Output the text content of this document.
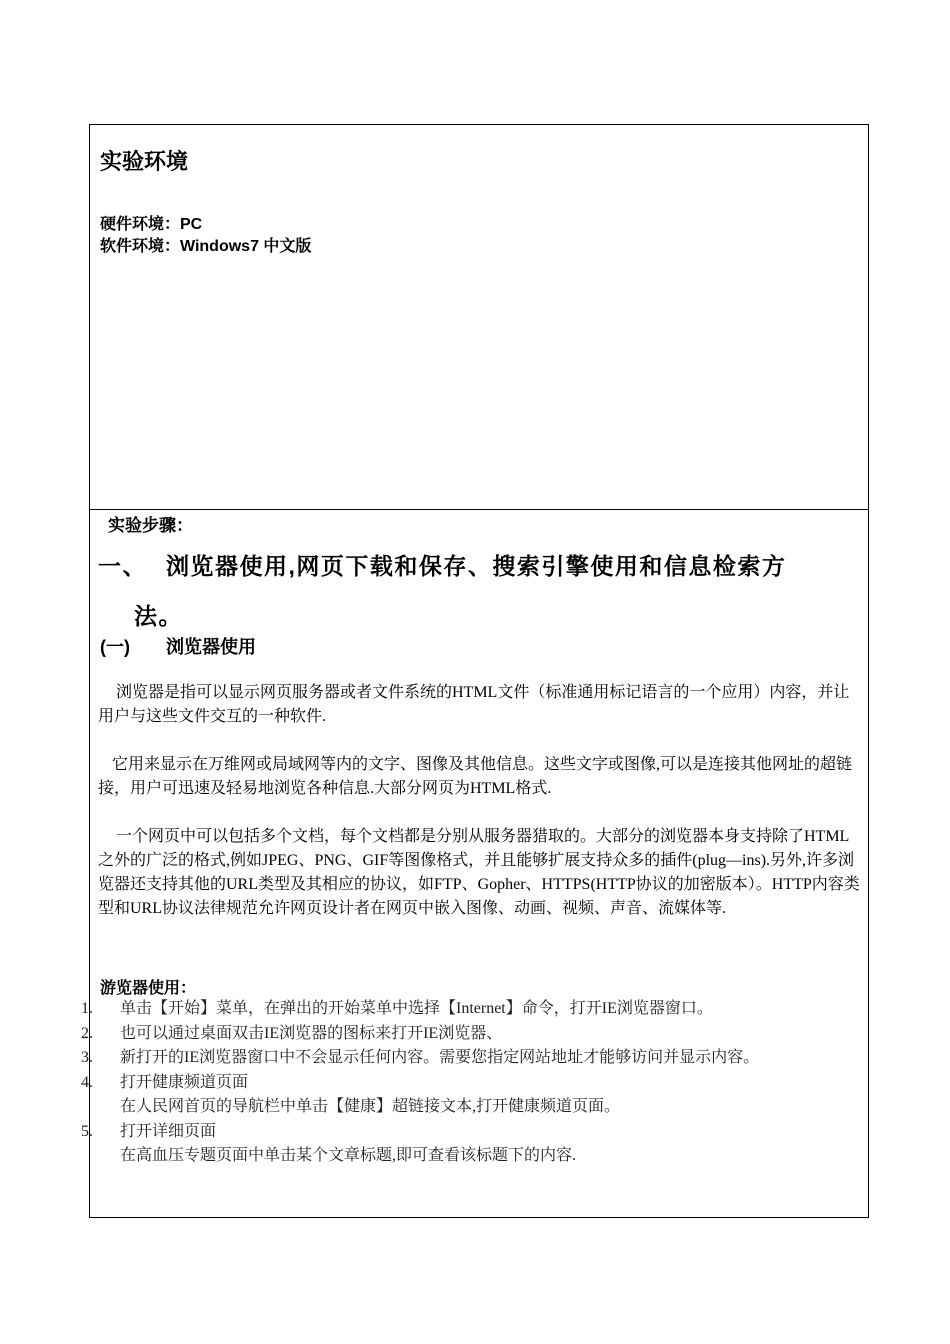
实验环境
硬件环境：PC
软件环境：Windows7 中文版
实验步骤：
一、 浏览器使用,网页下载和保存、搜索引擎使用和信息检索方
法。
(一) 浏览器使用
浏览器是指可以显示网页服务器或者文件系统的HTML文件（标准通用标记语言的一个应用）内容，并让用户与这些文件交互的一种软件.
它用来显示在万维网或局域网等内的文字、图像及其他信息。这些文字或图像,可以是连接其他网址的超链接，用户可迅速及轻易地浏览各种信息.大部分网页为HTML格式.
一个网页中可以包括多个文档，每个文档都是分别从服务器猎取的。大部分的浏览器本身支持除了HTML之外的广泛的格式,例如JPEG、PNG、GIF等图像格式，并且能够扩展支持众多的插件(plug—ins).另外,许多浏览器还支持其他的URL类型及其相应的协议，如FTP、Gopher、HTTPS(HTTP协议的加密版本）。HTTP内容类型和URL协议法律规范允许网页设计者在网页中嵌入图像、动画、视频、声音、流媒体等.
游览器使用：
1. 单击【开始】菜单，在弹出的开始菜单中选择【Internet】命令，打开IE浏览器窗口。
2. 也可以通过桌面双击IE浏览器的图标来打开IE浏览器、
3. 新打开的IE浏览器窗口中不会显示任何内容。需要您指定网站地址才能够访问并显示内容。
4. 打开健康频道页面
在人民网首页的导航栏中单击【健康】超链接文本,打开健康频道页面。
5. 打开详细页面
在高血压专题页面中单击某个文章标题,即可查看该标题下的内容.
